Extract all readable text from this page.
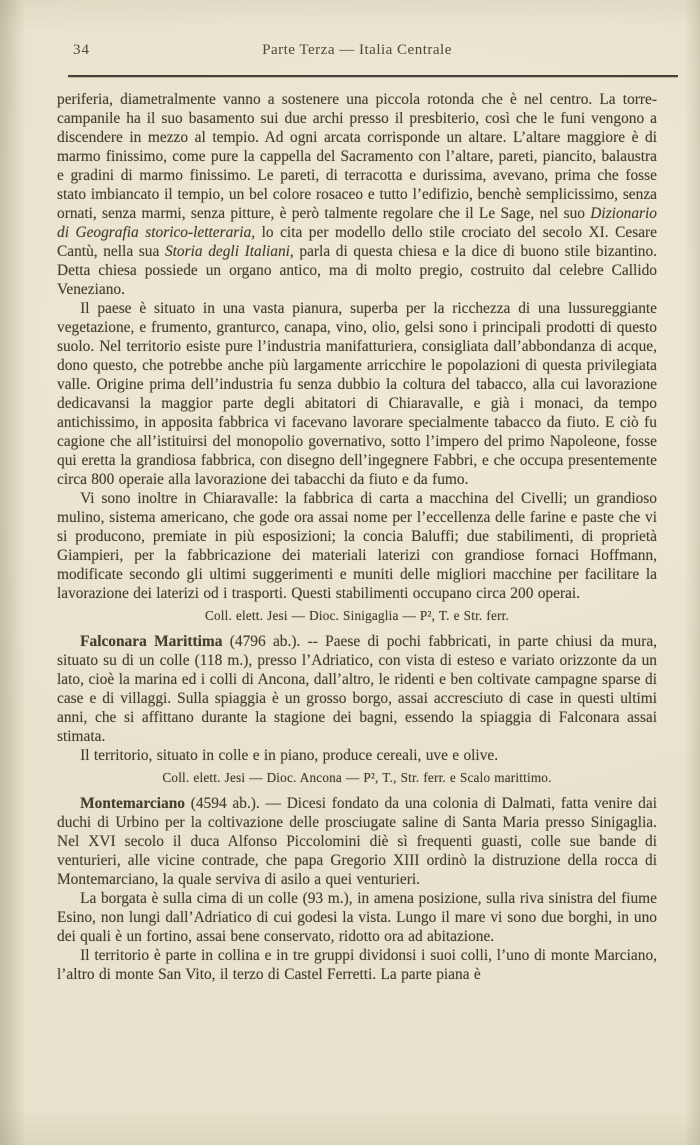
34	Parte Terza — Italia Centrale

periferia, diametralmente vanno a sostenere una piccola rotonda che è nel centro. La torre-campanile ha il suo basamento sui due archi presso il presbiterio, così che le funi vengono a discendere in mezzo al tempio. Ad ogni arcata corrisponde un altare. L’altare maggiore è di marmo finissimo, come pure la cappella del Sacramento con l’altare, pareti, piancito, balaustra e gradini di marmo finissimo. Le pareti, di terracotta e durissima, avevano, prima che fosse stato imbiancato il tempio, un bel colore rosaceo e tutto l’edifizio, benchè semplicissimo, senza ornati, senza marmi, senza pitture, è però talmente regolare che il Le Sage, nel suo Dizionario di Geografia storico-letteraria, lo cita per modello dello stile crociato del secolo XI. Cesare Cantù, nella sua Storia degli Italiani, parla di questa chiesa e la dice di buono stile bizantino. Detta chiesa possiede un organo antico, ma di molto pregio, costruito dal celebre Callido Veneziano.

Il paese è situato in una vasta pianura, superba per la ricchezza di una lussureggiante vegetazione, e frumento, granturco, canapa, vino, olio, gelsi sono i principali prodotti di questo suolo. Nel territorio esiste pure l’industria manifatturiera, consigliata dall’abbondanza di acque, dono questo, che potrebbe anche più largamente arricchire le popolazioni di questa privilegiata valle. Origine prima dell’industria fu senza dubbio la coltura del tabacco, alla cui lavorazione dedicavansi la maggior parte degli abitatori di Chiaravalle, e già i monaci, da tempo antichissimo, in apposita fabbrica vi facevano lavorare specialmente tabacco da fiuto. E ciò fu cagione che all’istituirsi del monopolio governativo, sotto l’impero del primo Napoleone, fosse qui eretta la grandiosa fabbrica, con disegno dell’ingegnere Fabbri, e che occupa presentemente circa 800 operaie alla lavorazione dei tabacchi da fiuto e da fumo.

Vi sono inoltre in Chiaravalle: la fabbrica di carta a macchina del Civelli; un grandioso mulino, sistema americano, che gode ora assai nome per l’eccellenza delle farine e paste che vi si producono, premiate in più esposizioni; la concia Baluffi; due stabilimenti, di proprietà Giampieri, per la fabbricazione dei materiali laterizi con grandiose fornaci Hoffmann, modificate secondo gli ultimi suggerimenti e muniti delle migliori macchine per facilitare la lavorazione dei laterizi od i trasporti. Questi stabilimenti occupano circa 200 operai.

Coll. elett. Jesi — Dioc. Sinigaglia — P², T. e Str. ferr.

Falconara Marittima (4796 ab.). -- Paese di pochi fabbricati, in parte chiusi da mura, situato su di un colle (118 m.), presso l’Adriatico, con vista di esteso e variato orizzonte da un lato, cioè la marina ed i colli di Ancona, dall’altro, le ridenti e ben coltivate campagne sparse di case e di villaggi. Sulla spiaggia è un grosso borgo, assai accresciuto di case in questi ultimi anni, che si affittano durante la stagione dei bagni, essendo la spiaggia di Falconara assai stimata.

Il territorio, situato in colle e in piano, produce cereali, uve e olive.

Coll. elett. Jesi — Dioc. Ancona — P², T., Str. ferr. e Scalo marittimo.

Montemarciano (4594 ab.). — Dicesi fondato da una colonia di Dalmati, fatta venire dai duchi di Urbino per la coltivazione delle prosciugate saline di Santa Maria presso Sinigaglia. Nel XVI secolo il duca Alfonso Piccolomini diè sì frequenti guasti, colle sue bande di venturieri, alle vicine contrade, che papa Gregorio XIII ordinò la distruzione della rocca di Montemarciano, la quale serviva di asilo a quei venturieri.

La borgata è sulla cima di un colle (93 m.), in amena posizione, sulla riva sinistra del fiume Esino, non lungi dall’Adriatico di cui godesi la vista. Lungo il mare vi sono due borghi, in uno dei quali è un fortino, assai bene conservato, ridotto ora ad abitazione.

Il territorio è parte in collina e in tre gruppi dividonsi i suoi colli, l’uno di monte Marciano, l’altro di monte San Vito, il terzo di Castel Ferretti. La parte piana è
